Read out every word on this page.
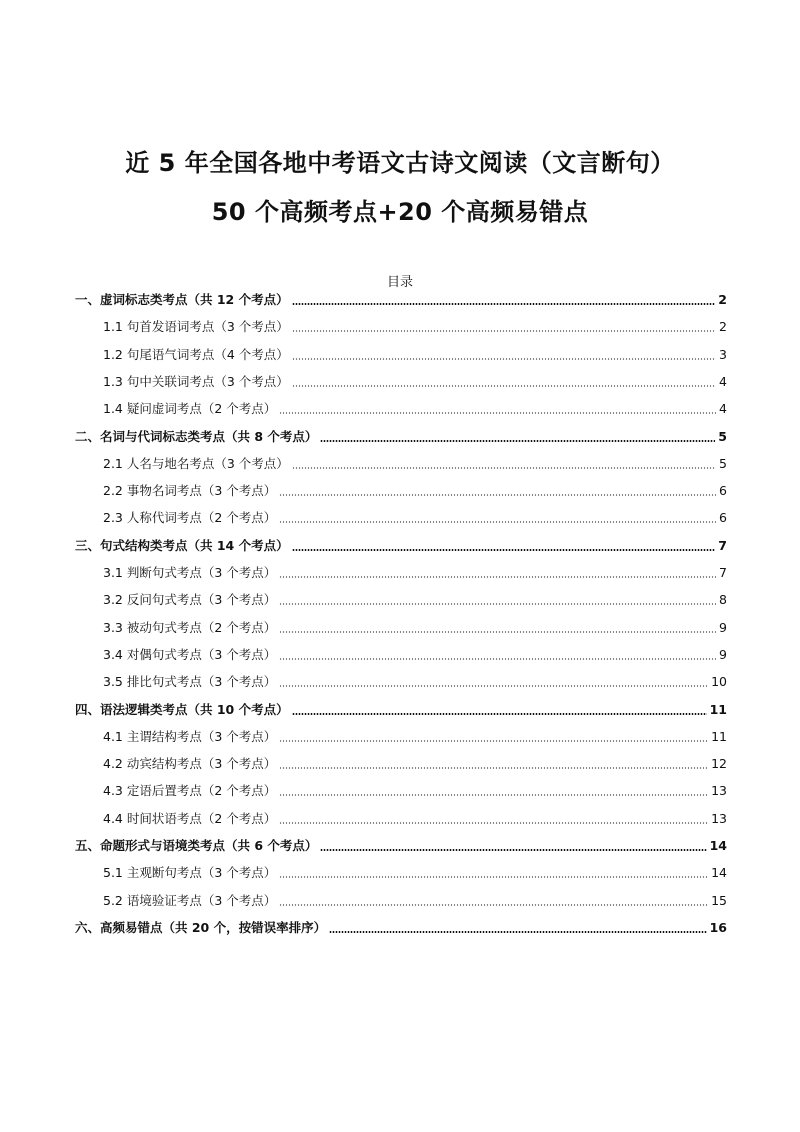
近 5 年全国各地中考语文古诗文阅读（文言断句）
50 个高频考点+20 个高频易错点
目录
一、虚词标志类考点（共 12 个考点）	2
1.1 句首发语词考点（3 个考点）	2
1.2 句尾语气词考点（4 个考点）	3
1.3 句中关联词考点（3 个考点）	4
1.4 疑问虚词考点（2 个考点）	4
二、名词与代词标志类考点（共 8 个考点）	5
2.1 人名与地名考点（3 个考点）	5
2.2 事物名词考点（3 个考点）	6
2.3 人称代词考点（2 个考点）	6
三、句式结构类考点（共 14 个考点）	7
3.1 判断句式考点（3 个考点）	7
3.2 反问句式考点（3 个考点）	8
3.3 被动句式考点（2 个考点）	9
3.4 对偶句式考点（3 个考点）	9
3.5 排比句式考点（3 个考点）	10
四、语法逻辑类考点（共 10 个考点）	11
4.1 主谓结构考点（3 个考点）	11
4.2 动宾结构考点（3 个考点）	12
4.3 定语后置考点（2 个考点）	13
4.4 时间状语考点（2 个考点）	13
五、命题形式与语境类考点（共 6 个考点）	14
5.1 主观断句考点（3 个考点）	14
5.2 语境验证考点（3 个考点）	15
六、高频易错点（共 20 个，按错误率排序）	16
